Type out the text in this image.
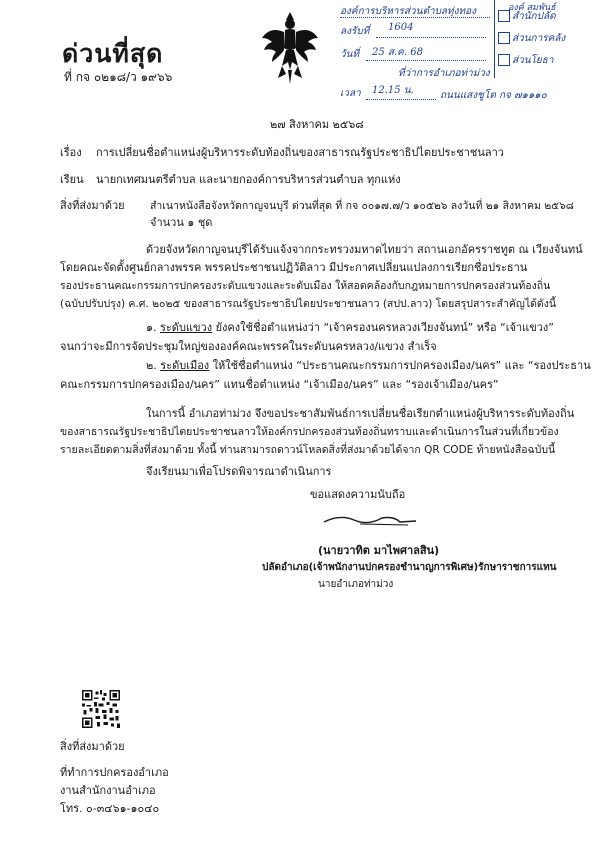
ด่วนที่สุด
ที่ กจ ๐๒๑๘/ว ๑๙๖๖
องค์การบริหารส่วนตำบลทุ่งทอง
ลงรับที่ 1604
วันที่ 25 ส.ค. 68
ที่ว่าการอำเภอท่าม่วง
เวลา 12.15 น.	ถนนแสงชูโต กจ ๗๑๑๑๐
สำนักปลัด
ส่วนการคลัง
ส่วนโยธา
องค์ สมพันธ์
๒๗ สิงหาคม ๒๕๖๘
เรื่อง การเปลี่ยนชื่อตำแหน่งผู้บริหารระดับท้องถิ่นของสาธารณรัฐประชาธิปไตยประชาชนลาว
เรียน นายกเทศมนตรีตำบล และนายกองค์การบริหารส่วนตำบล ทุกแห่ง
สิ่งที่ส่งมาด้วย สำเนาหนังสือจังหวัดกาญจนบุรี ด่วนที่สุด ที่ กจ ๐๐๑๗.๗/ว ๑๐๕๒๖ ลงวันที่ ๒๑ สิงหาคม ๒๕๖๘
จำนวน ๑ ชุด
ด้วยจังหวัดกาญจนบุรีได้รับแจ้งจากกระทรวงมหาดไทยว่า สถานเอกอัครราชทูต ณ เวียงจันทน์
โดยคณะจัดตั้งศูนย์กลางพรรค พรรคประชาชนปฏิวัติลาว มีประกาศเปลี่ยนแปลงการเรียกชื่อประธาน
รองประธานคณะกรรมการปกครองระดับแขวงและระดับเมือง ให้สอดคล้องกับกฎหมายการปกครองส่วนท้องถิ่น
(ฉบับปรับปรุง) ค.ศ. ๒๐๒๕ ของสาธารณรัฐประชาธิปไตยประชาชนลาว (สปป.ลาว) โดยสรุปสาระสำคัญได้ดังนี้
๑. ระดับแขวง ยังคงใช้ชื่อตำแหน่งว่า “เจ้าครองนครหลวงเวียงจันทน์” หรือ “เจ้าแขวง”
จนกว่าจะมีการจัดประชุมใหญ่ขององค์คณะพรรคในระดับนครหลวง/แขวง สำเร็จ
๒. ระดับเมือง ให้ใช้ชื่อตำแหน่ง “ประธานคณะกรรมการปกครองเมือง/นคร” และ “รองประธาน
คณะกรรมการปกครองเมือง/นคร” แทนชื่อตำแหน่ง “เจ้าเมือง/นคร” และ “รองเจ้าเมือง/นคร”
ในการนี้ อำเภอท่าม่วง จึงขอประชาสัมพันธ์การเปลี่ยนชื่อเรียกตำแหน่งผู้บริหารระดับท้องถิ่น
ของสาธารณรัฐประชาธิปไตยประชาชนลาวให้องค์กรปกครองส่วนท้องถิ่นทราบและดำเนินการในส่วนที่เกี่ยวข้อง
รายละเอียดตามสิ่งที่ส่งมาด้วย ทั้งนี้ ท่านสามารถดาวน์โหลดสิ่งที่ส่งมาด้วยได้จาก QR CODE ท้ายหนังสือฉบับนี้
จึงเรียนมาเพื่อโปรดพิจารณาดำเนินการ
ขอแสดงความนับถือ
(นายวาทิต มาไพศาลสิน)
ปลัดอำเภอ(เจ้าพนักงานปกครองชำนาญการพิเศษ)รักษาราชการแทน
นายอำเภอท่าม่วง
สิ่งที่ส่งมาด้วย
ที่ทำการปกครองอำเภอ
งานสำนักงานอำเภอ
โทร. ๐-๓๔๖๑-๑๐๔๐
